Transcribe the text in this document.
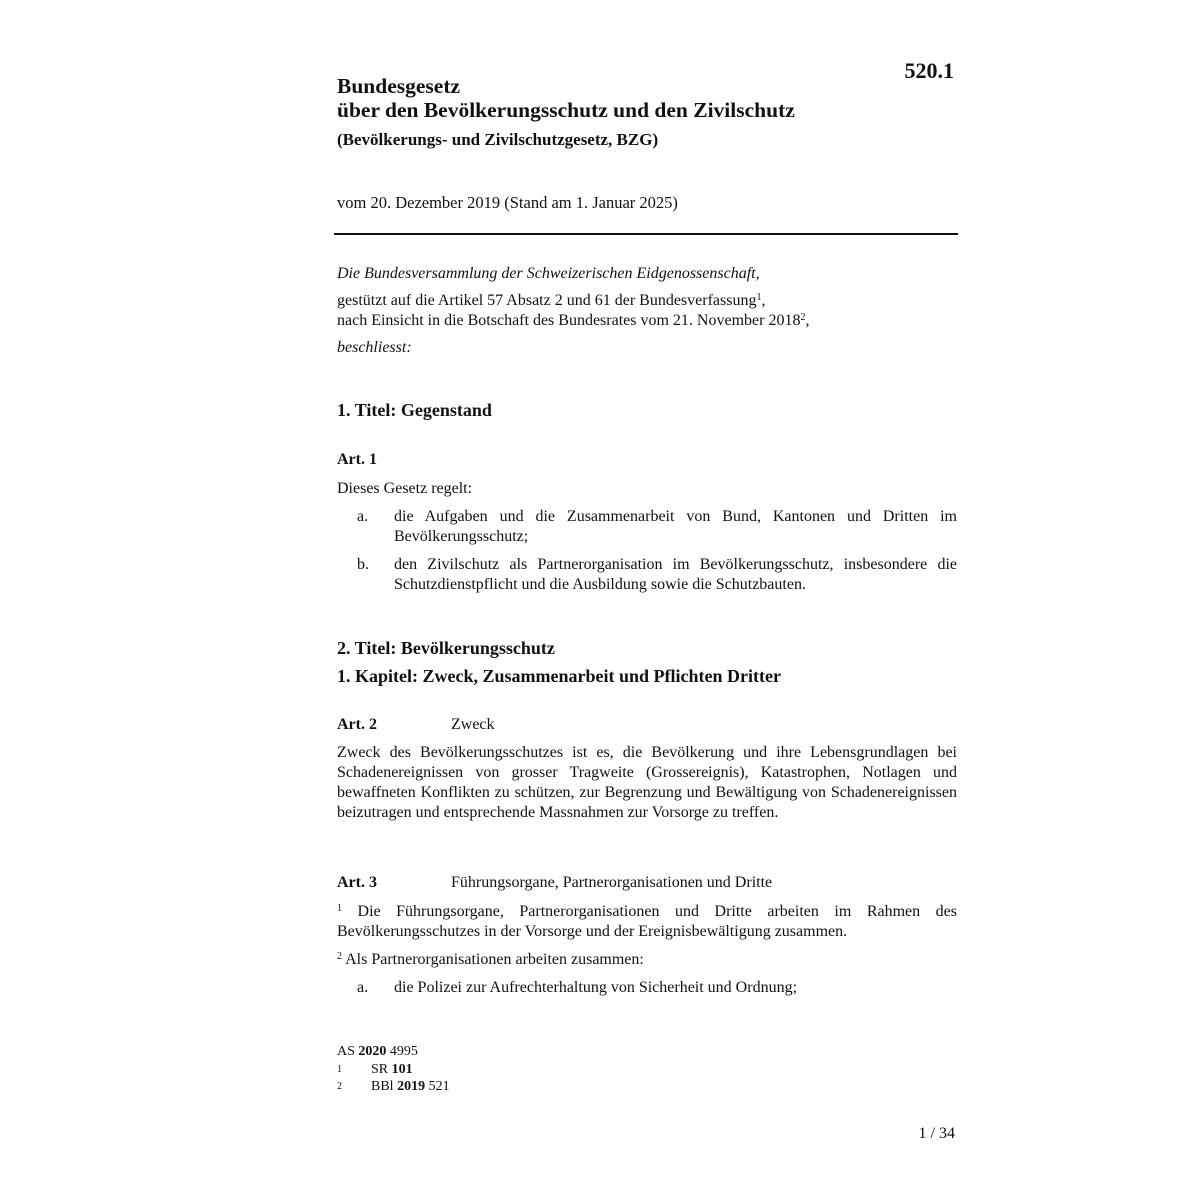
520.1
Bundesgesetz
über den Bevölkerungsschutz und den Zivilschutz
(Bevölkerungs- und Zivilschutzgesetz, BZG)
vom 20. Dezember 2019 (Stand am 1. Januar 2025)
Die Bundesversammlung der Schweizerischen Eidgenossenschaft,
gestützt auf die Artikel 57 Absatz 2 und 61 der Bundesverfassung$^1$,
nach Einsicht in die Botschaft des Bundesrates vom 21. November 2018$^2$,
beschliesst:
1. Titel: Gegenstand
Art. 1
Dieses Gesetz regelt:
a.	die Aufgaben und die Zusammenarbeit von Bund, Kantonen und Dritten im Bevölkerungsschutz;
b.	den Zivilschutz als Partnerorganisation im Bevölkerungsschutz, insbesondere die Schutzdienstpflicht und die Ausbildung sowie die Schutzbauten.
2. Titel: Bevölkerungsschutz
1. Kapitel: Zweck, Zusammenarbeit und Pflichten Dritter
Art. 2	Zweck
Zweck des Bevölkerungsschutzes ist es, die Bevölkerung und ihre Lebensgrundlagen bei Schadenereignissen von grosser Tragweite (Grossereignis), Katastrophen, Notlagen und bewaffneten Konflikten zu schützen, zur Begrenzung und Bewältigung von Schadenereignissen beizutragen und entsprechende Massnahmen zur Vorsorge zu treffen.
Art. 3	Führungsorgane, Partnerorganisationen und Dritte
$^1$ Die Führungsorgane, Partnerorganisationen und Dritte arbeiten im Rahmen des Bevölkerungsschutzes in der Vorsorge und der Ereignisbewältigung zusammen.
$^2$ Als Partnerorganisationen arbeiten zusammen:
a.	die Polizei zur Aufrechterhaltung von Sicherheit und Ordnung;
AS 2020 4995
1	SR 101
2	BBl 2019 521
1 / 34
